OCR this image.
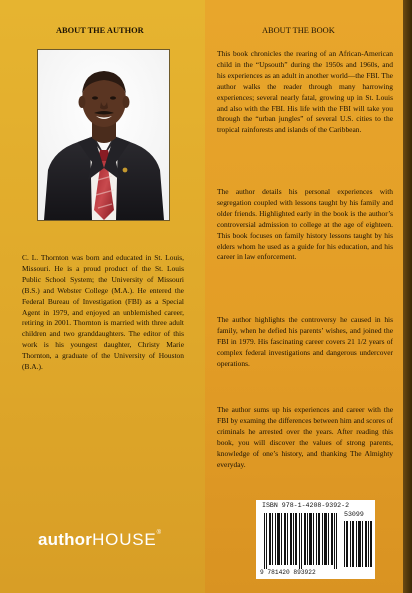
ABOUT THE AUTHOR

C. L. Thornton was born and educated in St. Louis, Missouri. He is a proud product of the St. Louis Public School System; the University of Missouri (B.S.) and Webster College (M.A.). He entered the Federal Bureau of Investigation (FBI) as a Special Agent in 1979, and enjoyed an unblemished career, retiring in 2001. Thornton is married with three adult children and two granddaughters. The editor of this work is his youngest daughter, Christy Marie Thornton, a graduate of the University of Houston (B.A.).

ABOUT THE BOOK

This book chronicles the rearing of an African-American child in the “Upsouth” during the 1950s and 1960s, and his experiences as an adult in another world—the FBI. The author walks the reader through many harrowing experiences; several nearly fatal, growing up in St. Louis and also with the FBI. His life with the FBI will take you through the “urban jungles” of several U.S. cities to the tropical rainforests and islands of the Caribbean.

The author details his personal experiences with segregation coupled with lessons taught by his family and older friends. Highlighted early in the book is the author’s controversial admission to college at the age of eighteen. This book focuses on family history lessons taught by his elders whom he used as a guide for his education, and his career in law enforcement.

The author highlights the controversy he caused in his family, when he defied his parents’ wishes, and joined the FBI in 1979. His fascinating career covers 21 1/2 years of complex federal investigations and dangerous undercover operations.

The author sums up his experiences and career with the FBI by examing the differences between him and scores of criminals he arrested over the years. After reading this book, you will discover the values of strong parents, knowledge of one’s history, and thanking The Almighty everyday.

authorHOUSE®
ISBN 978-1-4208-9392-2
53099
9 781420 893922
